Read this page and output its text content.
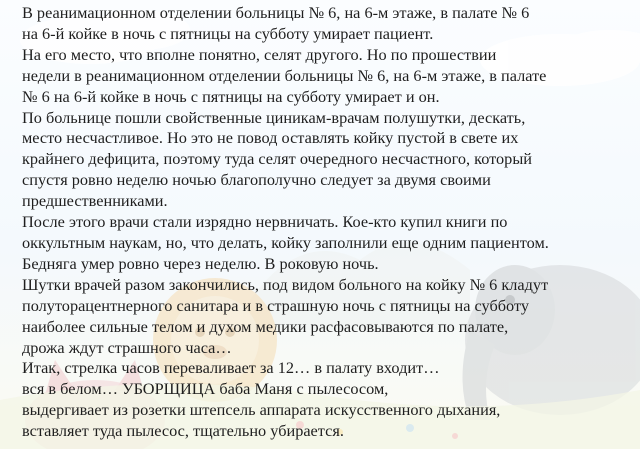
В реанимационном отделении больницы № 6, на 6-м этаже, в палате № 6
на 6-й койке в ночь с пятницы на субботу умирает пациент.
На его место, что вполне понятно, селят другого. Но по прошествии
недели в реанимационном отделении больницы № 6, на 6-м этаже, в палате
№ 6 на 6-й койке в ночь с пятницы на субботу умирает и он.
По больнице пошли свойственные циникам-врачам полушутки, дескать,
место несчастливое. Но это не повод оставлять койку пустой в свете их
крайнего дефицита, поэтому туда селят очередного несчастного, который
спустя ровно неделю ночью благополучно следует за двумя своими
предшественниками.
После этого врачи стали изрядно нервничать. Кое-кто купил книги по
оккультным наукам, но, что делать, койку заполнили еще одним пациентом.
Бедняга умер ровно через неделю. В роковую ночь.
Шутки врачей разом закончились, под видом больного на койку № 6 кладут
полуторацентнерного санитара и в страшную ночь с пятницы на субботу
наиболее сильные телом и духом медики расфасовываются по палате,
дрожа ждут страшного часа…
Итак, стрелка часов переваливает за 12… в палату входит…
вся в белом… УБОРЩИЦА баба Маня с пылесосом,
выдергивает из розетки штепсель аппарата искусственного дыхания,
вставляет туда пылесос, тщательно убирается.
